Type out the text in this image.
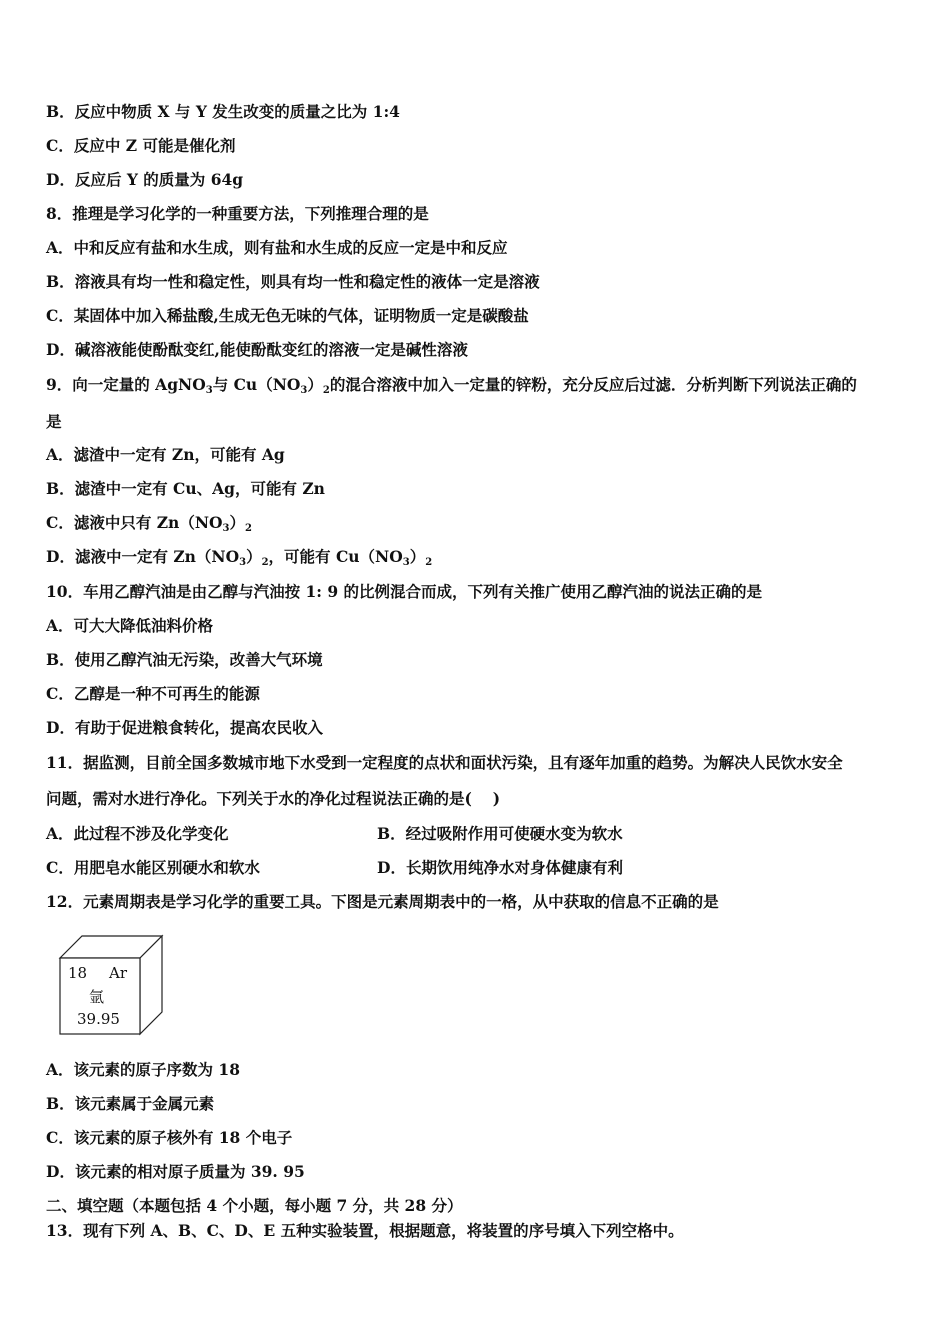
B．反应中物质 X 与 Y 发生改变的质量之比为 1:4
C．反应中 Z 可能是催化剂
D．反应后 Y 的质量为 64g
8．推理是学习化学的一种重要方法，下列推理合理的是
A．中和反应有盐和水生成，则有盐和水生成的反应一定是中和反应
B．溶液具有均一性和稳定性，则具有均一性和稳定性的液体一定是溶液
C．某固体中加入稀盐酸,生成无色无味的气体，证明物质一定是碳酸盐
D．碱溶液能使酚酞变红,能使酚酞变红的溶液一定是碱性溶液
9．向一定量的 AgNO$_3$与 $Cu(NO_3)_2$的混合溶液中加入一定量的锌粉，充分反应后过滤．分析判断下列说法正确的
是
A．滤渣中一定有 Zn，可能有 Ag
B．滤渣中一定有 Cu、Ag，可能有 Zn
C．滤液中只有 $Zn(NO_3)_2$
D．滤液中一定有 $Zn(NO_3)_2$，可能有 $Cu(NO_3)_2$
10．车用乙醇汽油是由乙醇与汽油按 1: 9 的比例混合而成，下列有关推广使用乙醇汽油的说法正确的是
A．可大大降低油料价格
B．使用乙醇汽油无污染，改善大气环境
C．乙醇是一种不可再生的能源
D．有助于促进粮食转化，提高农民收入
11．据监测，目前全国多数城市地下水受到一定程度的点状和面状污染，且有逐年加重的趋势。为解决人民饮水安全
问题，需对水进行净化。下列关于水的净化过程说法正确的是(　 )
A．此过程不涉及化学变化	B．经过吸附作用可使硬水变为软水
C．用肥皂水能区别硬水和软水	D．长期饮用纯净水对身体健康有利
12．元素周期表是学习化学的重要工具。下图是元素周期表中的一格，从中获取的信息不正确的是
18 Ar
氩
39.95
A．该元素的原子序数为 18
B．该元素属于金属元素
C．该元素的原子核外有 18 个电子
D．该元素的相对原子质量为 39. 95
二、填空题（本题包括 4 个小题，每小题 7 分，共 28 分）
13．现有下列 A、B、C、D、E 五种实验装置，根据题意，将装置的序号填入下列空格中。
